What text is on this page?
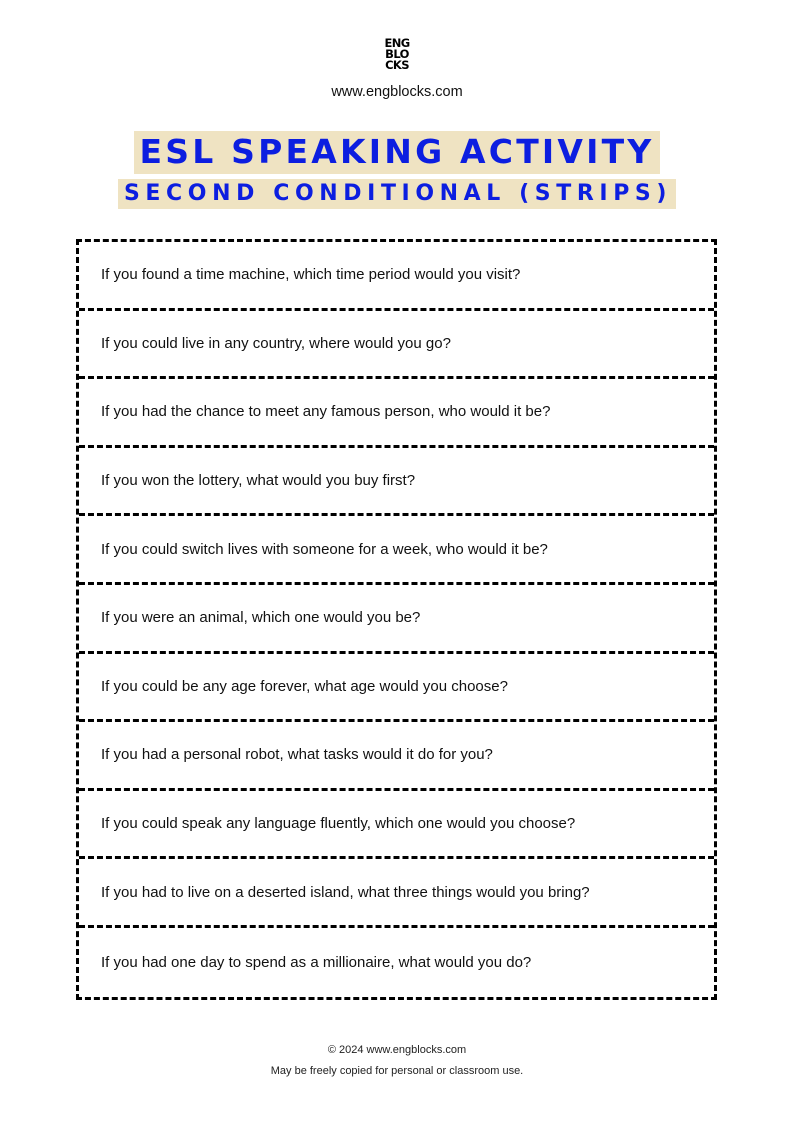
ENG
BLO
CKS
www.engblocks.com
ESL SPEAKING ACTIVITY
SECOND CONDITIONAL (STRIPS)
If you found a time machine, which time period would you visit?
If you could live in any country, where would you go?
If you had the chance to meet any famous person, who would it be?
If you won the lottery, what would you buy first?
If you could switch lives with someone for a week, who would it be?
If you were an animal, which one would you be?
If you could be any age forever, what age would you choose?
If you had a personal robot, what tasks would it do for you?
If you could speak any language fluently, which one would you choose?
If you had to live on a deserted island, what three things would you bring?
If you had one day to spend as a millionaire, what would you do?
© 2024 www.engblocks.com
May be freely copied for personal or classroom use.
